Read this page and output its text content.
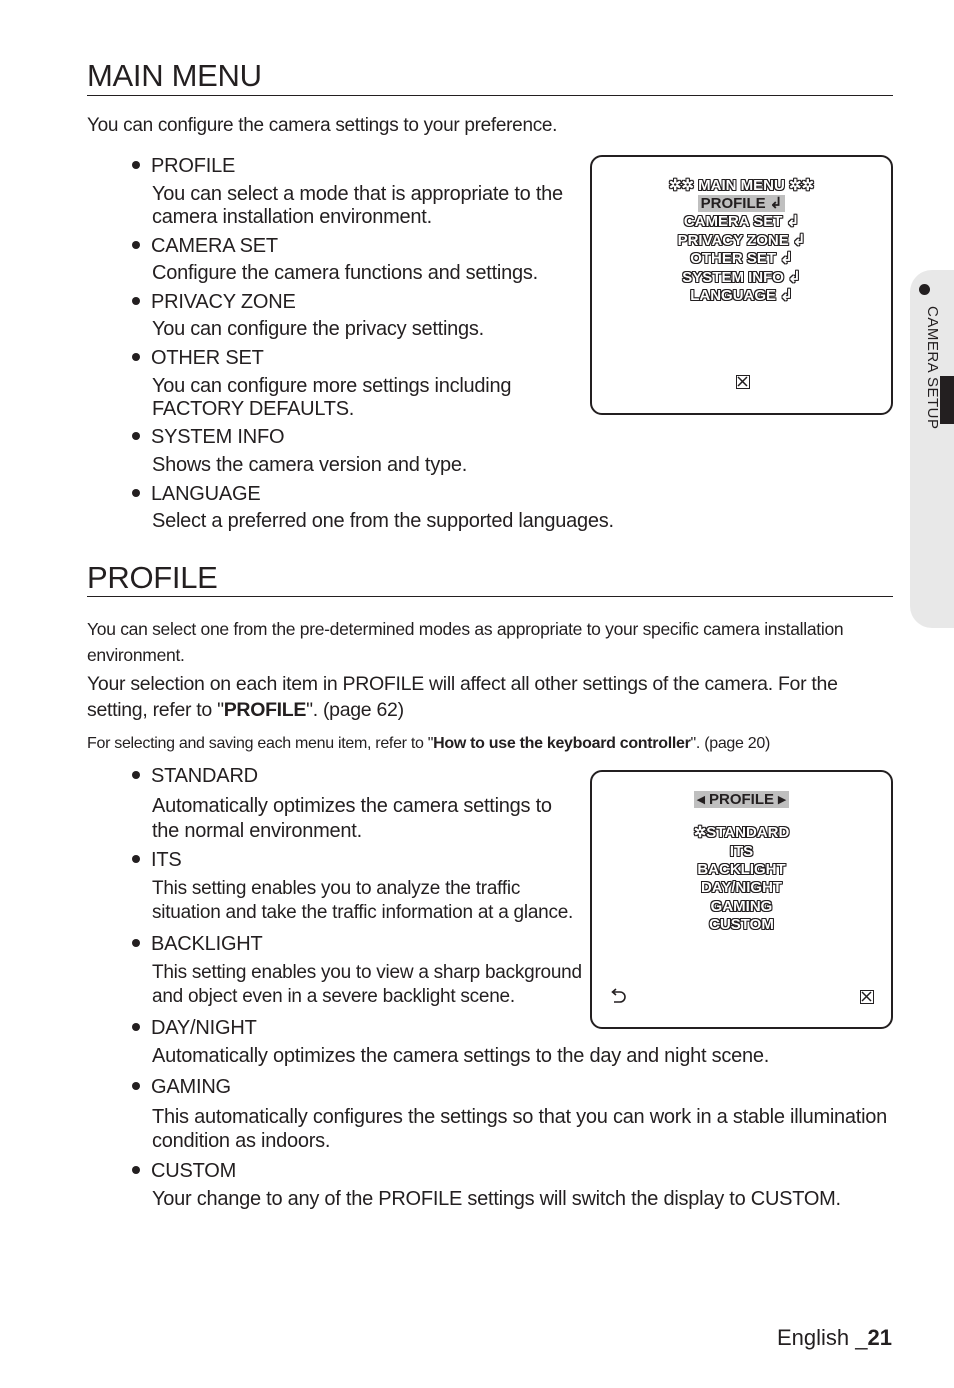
MAIN MENU
You can configure the camera settings to your preference.
PROFILE
You can select a mode that is appropriate to the camera installation environment.
CAMERA SET
Configure the camera functions and settings.
PRIVACY ZONE
You can configure the privacy settings.
OTHER SET
You can configure more settings including FACTORY DEFAULTS.
SYSTEM INFO
Shows the camera version and type.
LANGUAGE
Select a preferred one from the supported languages.
✲✲ MAIN MENU ✲✲
PROFILE ↲
CAMERA SET ↲
PRIVACY ZONE ↲
OTHER SET ↲
SYSTEM INFO ↲
LANGUAGE ↲
PROFILE
You can select one from the pre-determined modes as appropriate to your specific camera installation environment.
Your selection on each item in PROFILE will affect all other settings of the camera. For the setting, refer to "PROFILE". (page 62)
For selecting and saving each menu item, refer to "How to use the keyboard controller". (page 20)
STANDARD
Automatically optimizes the camera settings to the normal environment.
ITS
This setting enables you to analyze the traffic situation and take the traffic information at a glance.
BACKLIGHT
This setting enables you to view a sharp background and object even in a severe backlight scene.
DAY/NIGHT
Automatically optimizes the camera settings to the day and night scene.
GAMING
This automatically configures the settings so that you can work in a stable illumination condition as indoors.
CUSTOM
Your change to any of the PROFILE settings will switch the display to CUSTOM.
◂ PROFILE ▸
✲STANDARD
ITS
BACKLIGHT
DAY/NIGHT
GAMING
CUSTOM
CAMERA SETUP
English _21
